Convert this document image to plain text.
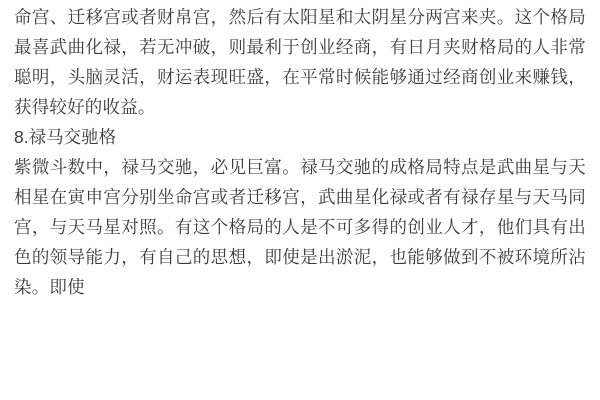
命宫、迁移宫或者财帛宫，然后有太阳星和太阴星分两宫来夹。这个格局最喜武曲化禄，若无冲破，则最利于创业经商，有日月夹财格局的人非常聪明，头脑灵活，财运表现旺盛，在平常时候能够通过经商创业来赚钱，获得较好的收益。

8.禄马交驰格

紫微斗数中，禄马交驰，必见巨富。禄马交驰的成格局特点是武曲星与天相星在寅申宫分别坐命宫或者迁移宫，武曲星化禄或者有禄存星与天马同宫，与天马星对照。有这个格局的人是不可多得的创业人才，他们具有出色的领导能力，有自己的思想，即使是出淤泥，也能够做到不被环境所沾染。即使
